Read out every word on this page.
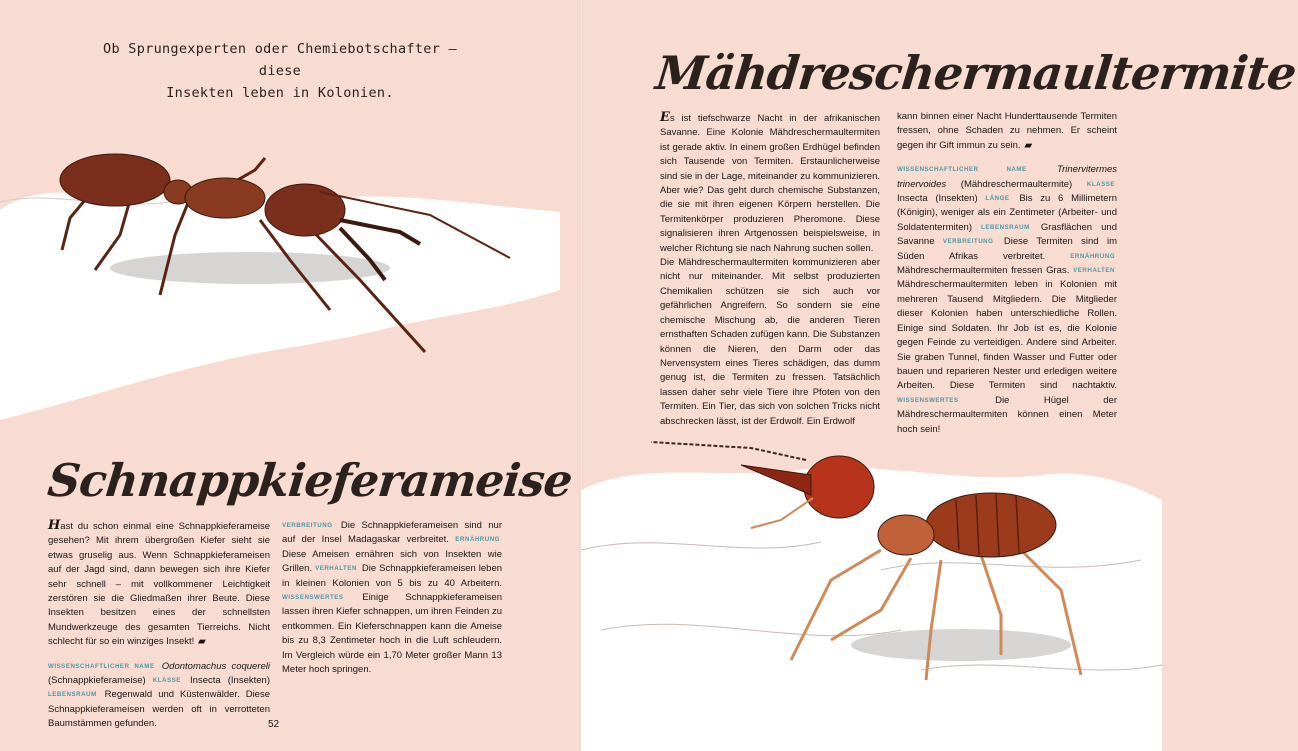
Ob Sprungexperten oder Chemiebotschafter – diese
Insekten leben in Kolonien.

Schnappkieferameise

Hast du schon einmal eine Schnappkieferameise gesehen? Mit ihrem übergroßen Kiefer sieht sie etwas gruselig aus. Wenn Schnappkieferameisen auf der Jagd sind, dann bewegen sich ihre Kiefer sehr schnell – mit vollkommener Leichtigkeit zerstören sie die Gliedmaßen ihrer Beute. Diese Insekten besitzen eines der schnellsten Mundwerkzeuge des gesamten Tierreichs. Nicht schlecht für so ein winziges Insekt! ▰

WISSENSCHAFTLICHER NAME Odontomachus coquereli (Schnappkieferameise) KLASSE Insecta (Insekten) LEBENSRAUM Regenwald und Küstenwälder. Diese Schnappkieferameisen werden oft in verrotteten Baumstämmen gefunden.

VERBREITUNG Die Schnappkieferameisen sind nur auf der Insel Madagaskar verbreitet. ERNÄHRUNG Diese Ameisen ernähren sich von Insekten wie Grillen. VERHALTEN Die Schnappkieferameisen leben in kleinen Kolonien von 5 bis zu 40 Arbeitern. WISSENSWERTES Einige Schnappkieferameisen lassen ihren Kiefer schnappen, um ihren Feinden zu entkommen. Ein Kieferschnappen kann die Ameise bis zu 8,3 Zentimeter hoch in die Luft schleudern. Im Vergleich würde ein 1,70 Meter großer Mann 13 Meter hoch springen.

52

Mähdreschermaultermite

Es ist tiefschwarze Nacht in der afrikanischen Savanne. Eine Kolonie Mähdreschermaultermiten ist gerade aktiv. In einem großen Erdhügel befinden sich Tausende von Termiten. Erstaunlicherweise sind sie in der Lage, miteinander zu kommunizieren. Aber wie? Das geht durch chemische Substanzen, die sie mit ihren eigenen Körpern herstellen. Die Termitenkörper produzieren Pheromone. Diese signalisieren ihren Artgenossen beispielsweise, in welcher Richtung sie nach Nahrung suchen sollen.

Die Mähdreschermaultermiten kommunizieren aber nicht nur miteinander. Mit selbst produzierten Chemikalien schützen sie sich auch vor gefährlichen Angreifern. So sondern sie eine chemische Mischung ab, die anderen Tieren ernsthaften Schaden zufügen kann. Die Substanzen können die Nieren, den Darm oder das Nervensystem eines Tieres schädigen, das dumm genug ist, die Termiten zu fressen. Tatsächlich lassen daher sehr viele Tiere ihre Pfoten von den Termiten. Ein Tier, das sich von solchen Tricks nicht abschrecken lässt, ist der Erdwolf. Ein Erdwolf

kann binnen einer Nacht Hunderttausende Termiten fressen, ohne Schaden zu nehmen. Er scheint gegen ihr Gift immun zu sein. ▰

WISSENSCHAFTLICHER NAME	Trinervitermes trinervoides (Mähdreschermaultermite) KLASSE Insecta (Insekten) LÄNGE Bis zu 6 Millimetern (Königin), weniger als ein Zentimeter (Arbeiter- und Soldatentermiten) LEBENSRAUM Grasflächen und Savanne VERBREITUNG Diese Termiten sind im Süden Afrikas verbreitet.	ERNÄHRUNG Mähdreschermaultermiten fressen Gras. VERHALTEN Mähdreschermaultermiten leben in Kolonien mit mehreren Tausend Mitgliedern. Die Mitglieder dieser Kolonien haben unterschiedliche Rollen. Einige sind Soldaten. Ihr Job ist es, die Kolonie gegen Feinde zu verteidigen. Andere sind Arbeiter. Sie graben Tunnel, finden Wasser und Futter oder bauen und reparieren Nester und erledigen weitere Arbeiten. Diese Termiten sind nachtaktiv. WISSENSWERTES	Die Hügel der Mähdreschermaultermiten können einen Meter hoch sein!
